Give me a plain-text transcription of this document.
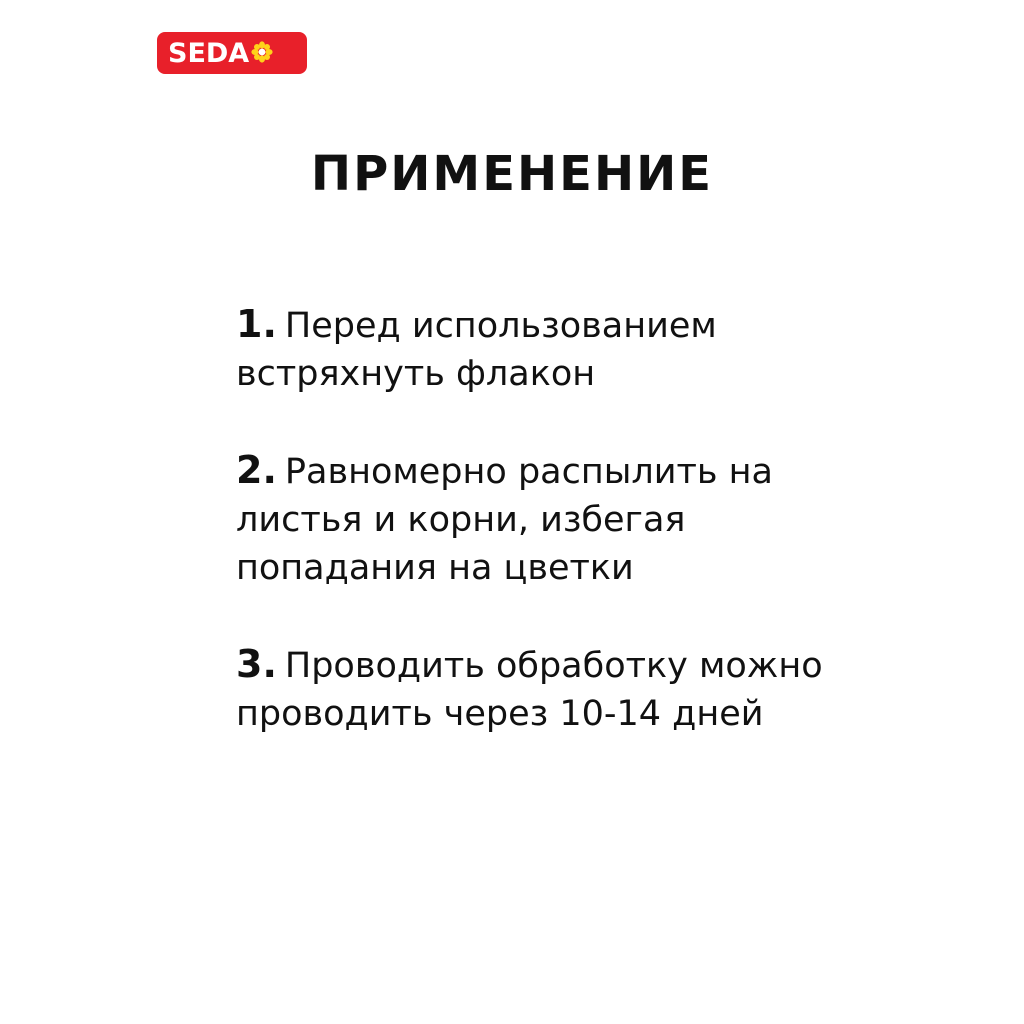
SEDA
ПРИМЕНЕНИЕ
1. Перед использованием встряхнуть флакон
2. Равномерно распылить на листья и корни, избегая попадания на цветки
3. Проводить обработку можно проводить через 10-14 дней
